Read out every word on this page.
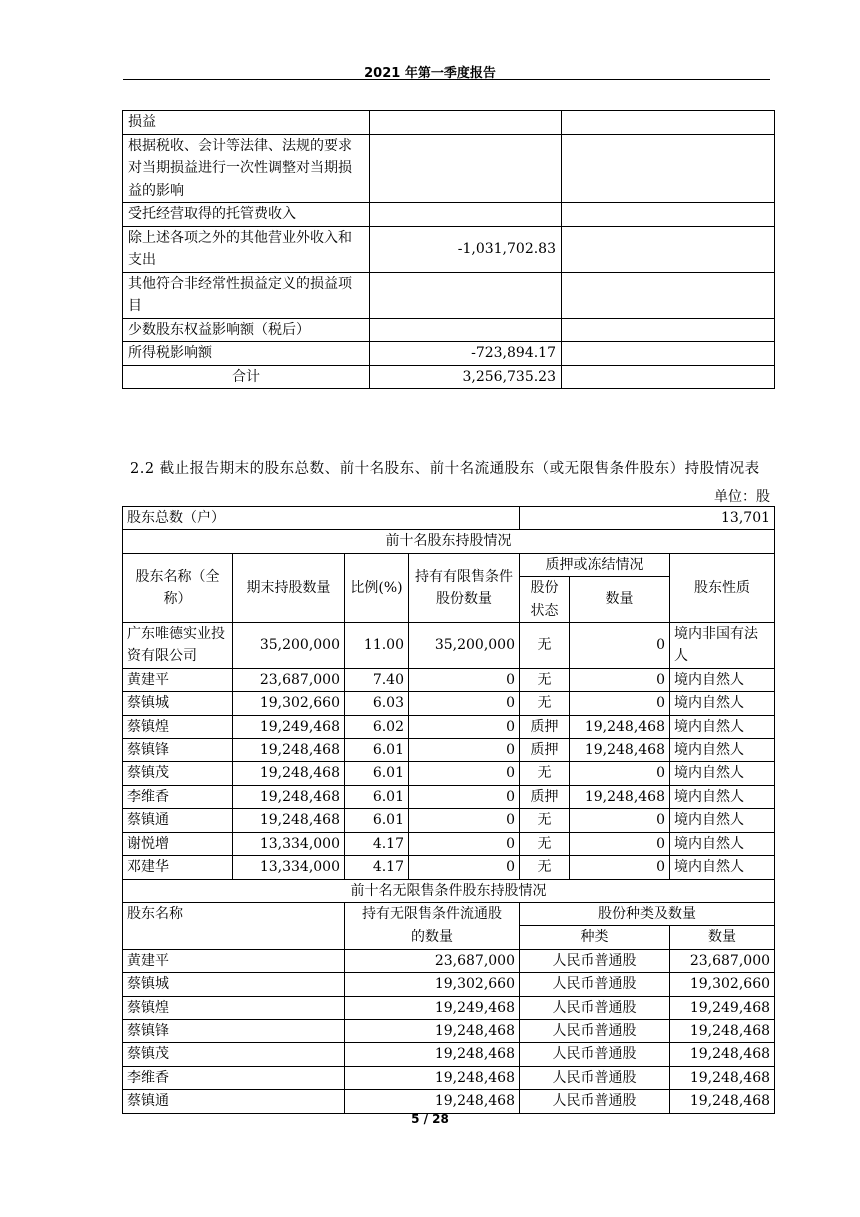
2021 年第一季度报告
损益		
根据税收、会计等法律、法规的要求对当期损益进行一次性调整对当期损益的影响		
受托经营取得的托管费收入		
除上述各项之外的其他营业外收入和支出	-1,031,702.83	
其他符合非经常性损益定义的损益项目		
少数股东权益影响额（税后）		
所得税影响额	-723,894.17	
合计	3,256,735.23	
2.2 截止报告期末的股东总数、前十名股东、前十名流通股东（或无限售条件股东）持股情况表
单位：股
股东总数（户）				13,701		
前十名股东持股情况						
股东名称（全称）	期末持股数量	比例(%)	持有有限售条件股份数量	质押或冻结情况		股东性质
				股份状态	数量	
广东唯德实业投资有限公司	35,200,000	11.00	35,200,000	无	0	境内非国有法人
黄建平	23,687,000	7.40	0	无	0	境内自然人
蔡镇城	19,302,660	6.03	0	无	0	境内自然人
蔡镇煌	19,249,468	6.02	0	质押	19,248,468	境内自然人
蔡镇锋	19,248,468	6.01	0	质押	19,248,468	境内自然人
蔡镇茂	19,248,468	6.01	0	无	0	境内自然人
李维香	19,248,468	6.01	0	质押	19,248,468	境内自然人
蔡镇通	19,248,468	6.01	0	无	0	境内自然人
谢悦增	13,334,000	4.17	0	无	0	境内自然人
邓建华	13,334,000	4.17	0	无	0	境内自然人
前十名无限售条件股东持股情况						
股东名称		持有无限售条件流通股
的数量		股份种类及数量		
				种类		数量
黄建平		23,687,000		人民币普通股		23,687,000
蔡镇城		19,302,660		人民币普通股		19,302,660
蔡镇煌		19,249,468		人民币普通股		19,249,468
蔡镇锋		19,248,468		人民币普通股		19,248,468
蔡镇茂		19,248,468		人民币普通股		19,248,468
李维香		19,248,468		人民币普通股		19,248,468
蔡镇通		19,248,468		人民币普通股		19,248,468
5 / 28
